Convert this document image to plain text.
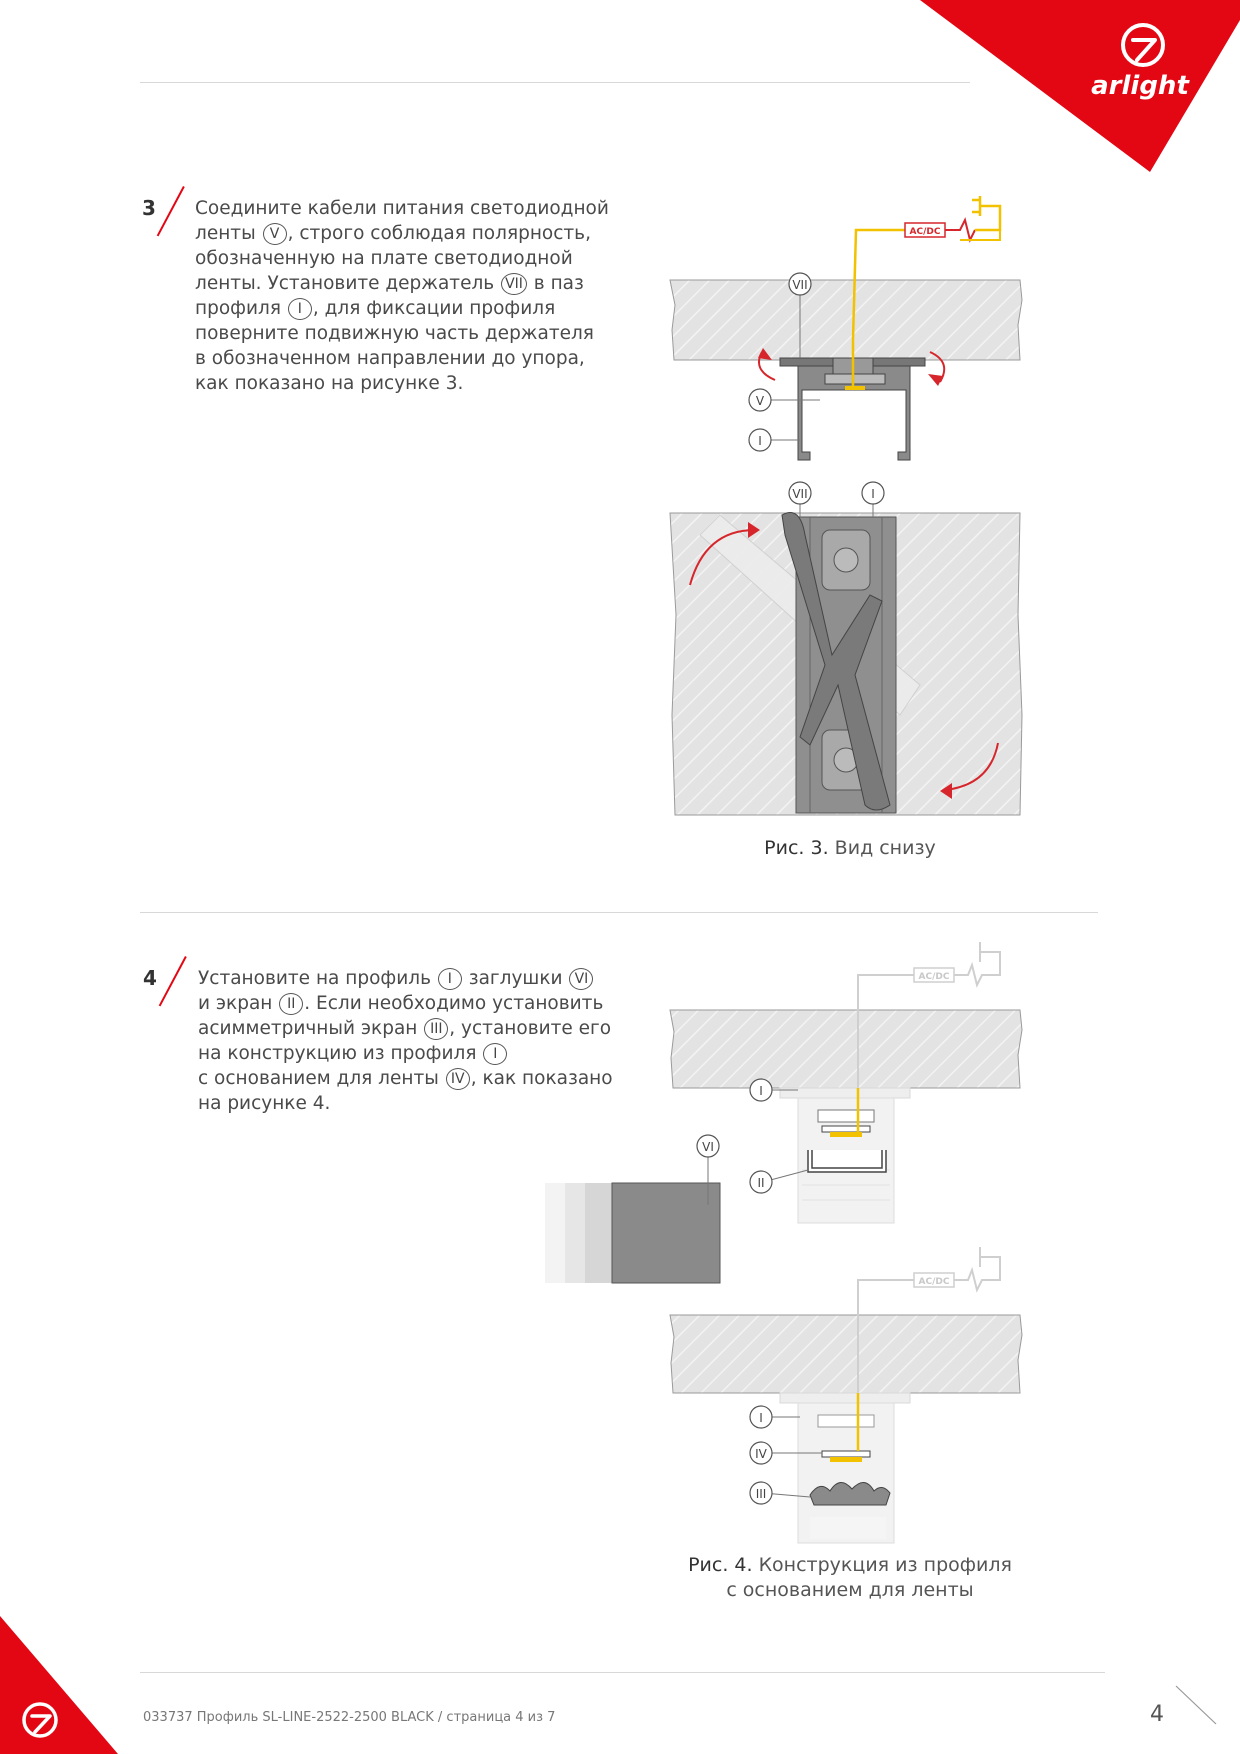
arlight
3 Соедините кабели питания светодиодной
ленты V , строго соблюдая полярность,
обозначенную на плате светодиодной
ленты. Установите держатель VII в паз
профиля I , для фиксации профиля
поверните подвижную часть держателя
в обозначенном направлении до упора,
как показано на рисунке 3.
AC/DC
VII
V
I
VII	I
Рис. 3. Вид снизу
4 Установите на профиль I заглушки VI
и экран II . Если необходимо установить
асимметричный экран III , установите его
на конструкцию из профиля I
с основанием для ленты IV , как показано
на рисунке 4.
AC/DC
I
II
VI
AC/DC
I
IV
III
Рис. 4. Конструкция из профиля
с основанием для ленты
033737 Профиль SL-LINE-2522-2500 BLACK / страница 4 из 7	4
